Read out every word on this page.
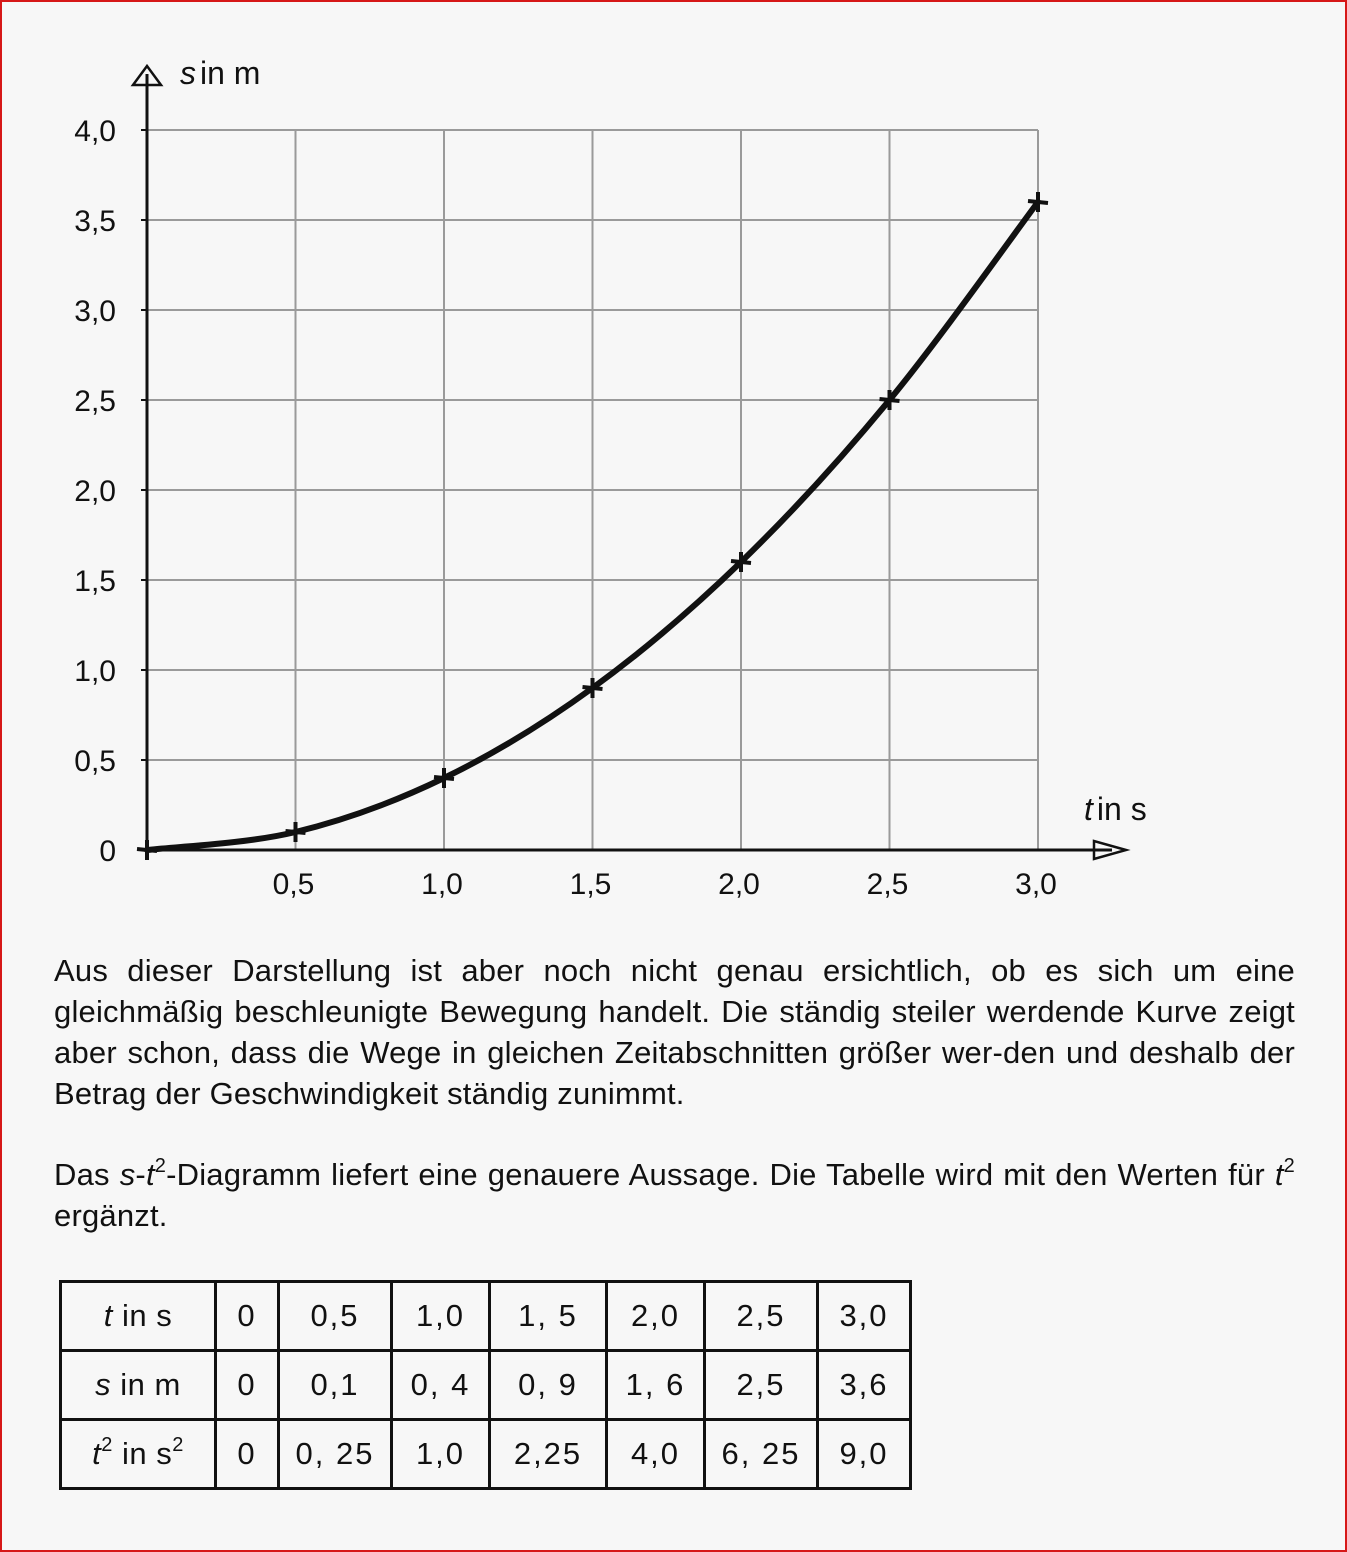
0
0,5
1,0
1,5
2,0
2,5
3,0
3,5
4,0
0,5	1,0	1,5	2,0	2,5	3,0
s in m
t in s
Aus dieser Darstellung ist aber noch nicht genau ersichtlich, ob es sich um eine gleichmäßig beschleunigte Bewegung handelt. Die ständig steiler werdende Kurve zeigt aber schon, dass die Wege in gleichen Zeitabschnitten größer wer-den und deshalb der Betrag der Geschwindigkeit ständig zunimmt.
Das $s-t^2$-Diagramm liefert eine genauere Aussage. Die Tabelle wird mit den Werten für $t^2$ ergänzt.
t in s	0	0,5	1,0	1, 5	2,0	2,5	3,0
s in m	0	0,1	0, 4	0, 9	1, 6	2,5	3,6
$t^2$ in $s^2$	0	0, 25	1,0	2,25	4,0	6, 25	9,0
